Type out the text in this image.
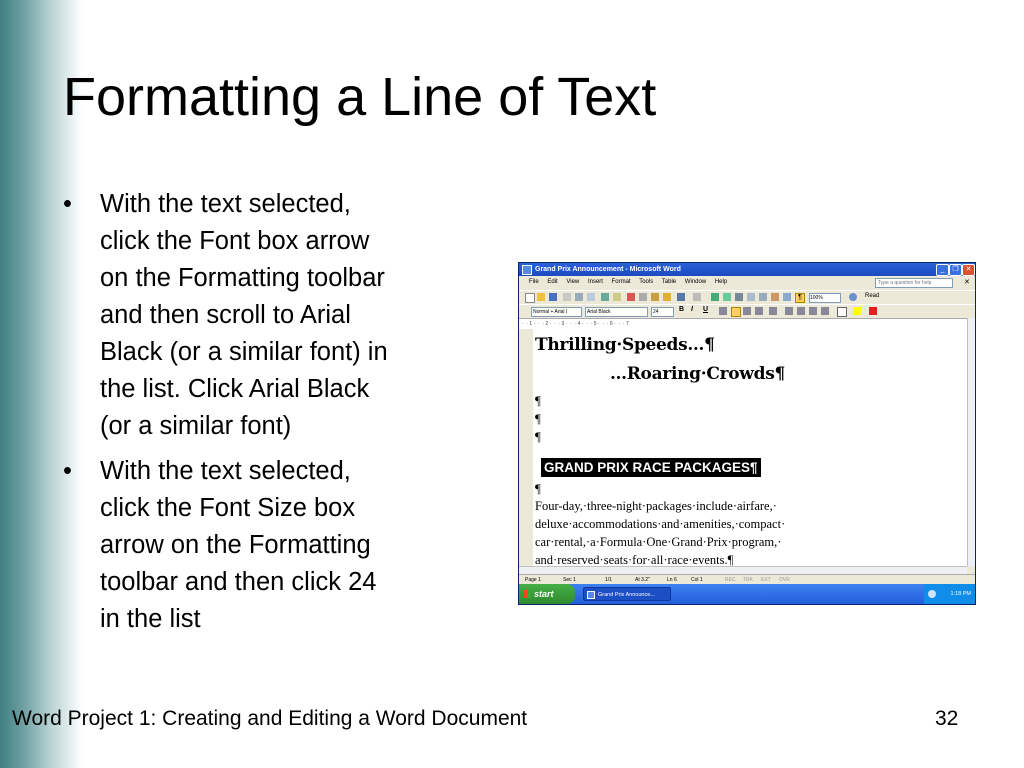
Formatting a Line of Text
• With the text selected,
click the Font box arrow
on the Formatting toolbar
and then scroll to Arial
Black (or a similar font) in
the list. Click Arial Black
(or a similar font)
• With the text selected,
click the Font Size box
arrow on the Formatting
toolbar and then click 24
in the list
Grand Prix Announcement - Microsoft Word	_	❐ ✕
File Edit View Insert Format Tools Table Window Help	Type a question for help	✕
¶	100%	Read
Normal + Arial I	Arial Black	24	B I U
·  · 1 ·  ·  · 2 ·  ·  · 3 ·  ·  · 4 ·  ·  · 5 ·  ·  · 6 ·  ·  · 7
Thrilling·Speeds…¶
…Roaring·Crowds¶
¶
¶
¶
GRAND PRIX RACE PACKAGES¶
¶
Four-day,·three-night·packages·include·airfare,·
deluxe·accommodations·and·amenities,·compact·
car·rental,·a·Formula·One·Grand·Prix·program,·
and·reserved·seats·for·all·race·events.¶
Page 1	Sec 1	1/1	At 3.2"	Ln 6	Col 1	REC TRK EXT OVR
start	Grand Prix Announce...	1:18 PM
Word Project 1: Creating and Editing a Word Document	32
